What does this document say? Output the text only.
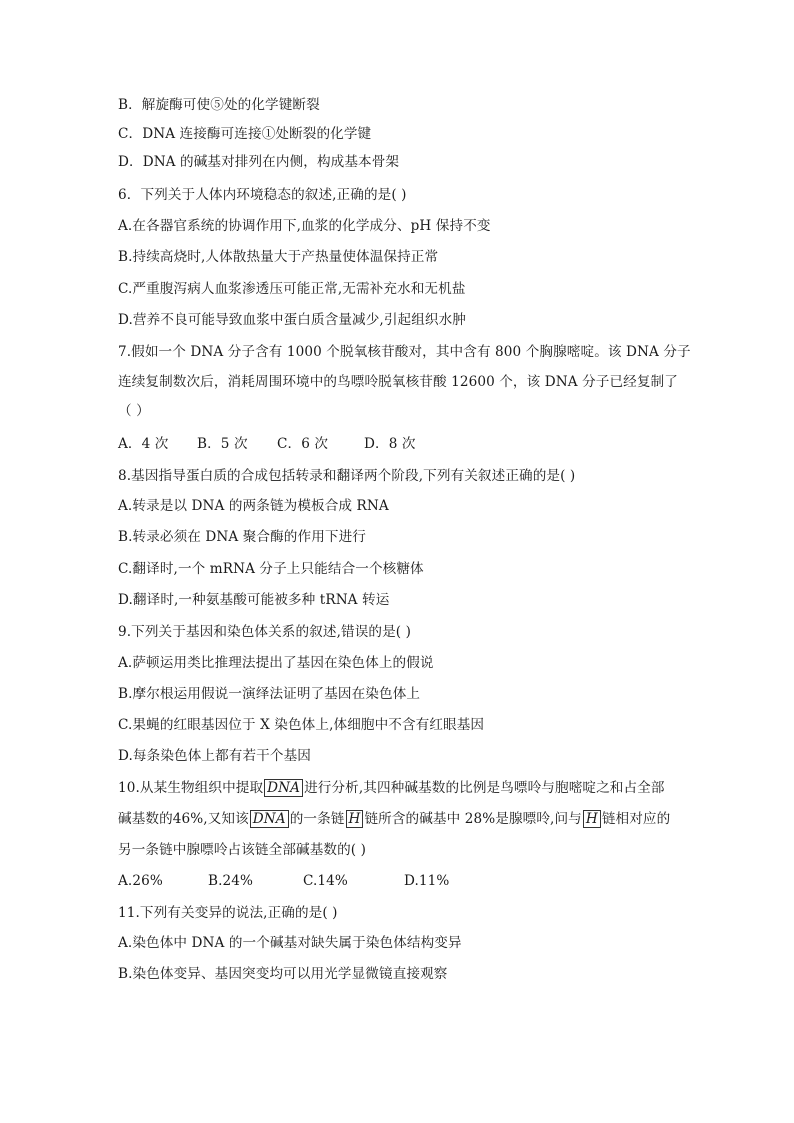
B．解旋酶可使⑤处的化学键断裂
C．DNA 连接酶可连接①处断裂的化学键
D．DNA 的碱基对排列在内侧，构成基本骨架
6．下列关于人体内环境稳态的叙述,正确的是( )
A.在各器官系统的协调作用下,血浆的化学成分、pH 保持不变
B.持续高烧时,人体散热量大于产热量使体温保持正常
C.严重腹泻病人血浆渗透压可能正常,无需补充水和无机盐
D.营养不良可能导致血浆中蛋白质含量减少,引起组织水肿
7.假如一个 DNA 分子含有 1000 个脱氧核苷酸对，其中含有 800 个胸腺嘧啶。该 DNA 分子
连续复制数次后，消耗周围环境中的鸟嘌呤脱氧核苷酸 12600 个，该 DNA 分子已经复制了
（ ）
A．4 次 B．5 次 C．6 次	D．8 次
8.基因指导蛋白质的合成包括转录和翻译两个阶段,下列有关叙述正确的是( )
A.转录是以 DNA 的两条链为模板合成 RNA
B.转录必须在 DNA 聚合酶的作用下进行
C.翻译时,一个 mRNA 分子上只能结合一个核糖体
D.翻译时,一种氨基酸可能被多种 tRNA 转运
9.下列关于基因和染色体关系的叙述,错误的是( )
A.萨顿运用类比推理法提出了基因在染色体上的假说
B.摩尔根运用假说一演绎法证明了基因在染色体上
C.果蝇的红眼基因位于 X 染色体上,体细胞中不含有红眼基因
D.每条染色体上都有若干个基因
10.从某生物组织中提取 DNA 进行分析,其四种碱基数的比例是鸟嘌呤与胞嘧啶之和占全部
碱基数的46%,又知该 DNA 的一条链 H 链所含的碱基中 28%是腺嘌呤,问与 H 链相对应的
另一条链中腺嘌呤占该链全部碱基数的( )
A.26%	B.24%	C.14%	D.11%
11.下列有关变异的说法,正确的是( )
A.染色体中 DNA 的一个碱基对缺失属于染色体结构变异
B.染色体变异、基因突变均可以用光学显微镜直接观察
